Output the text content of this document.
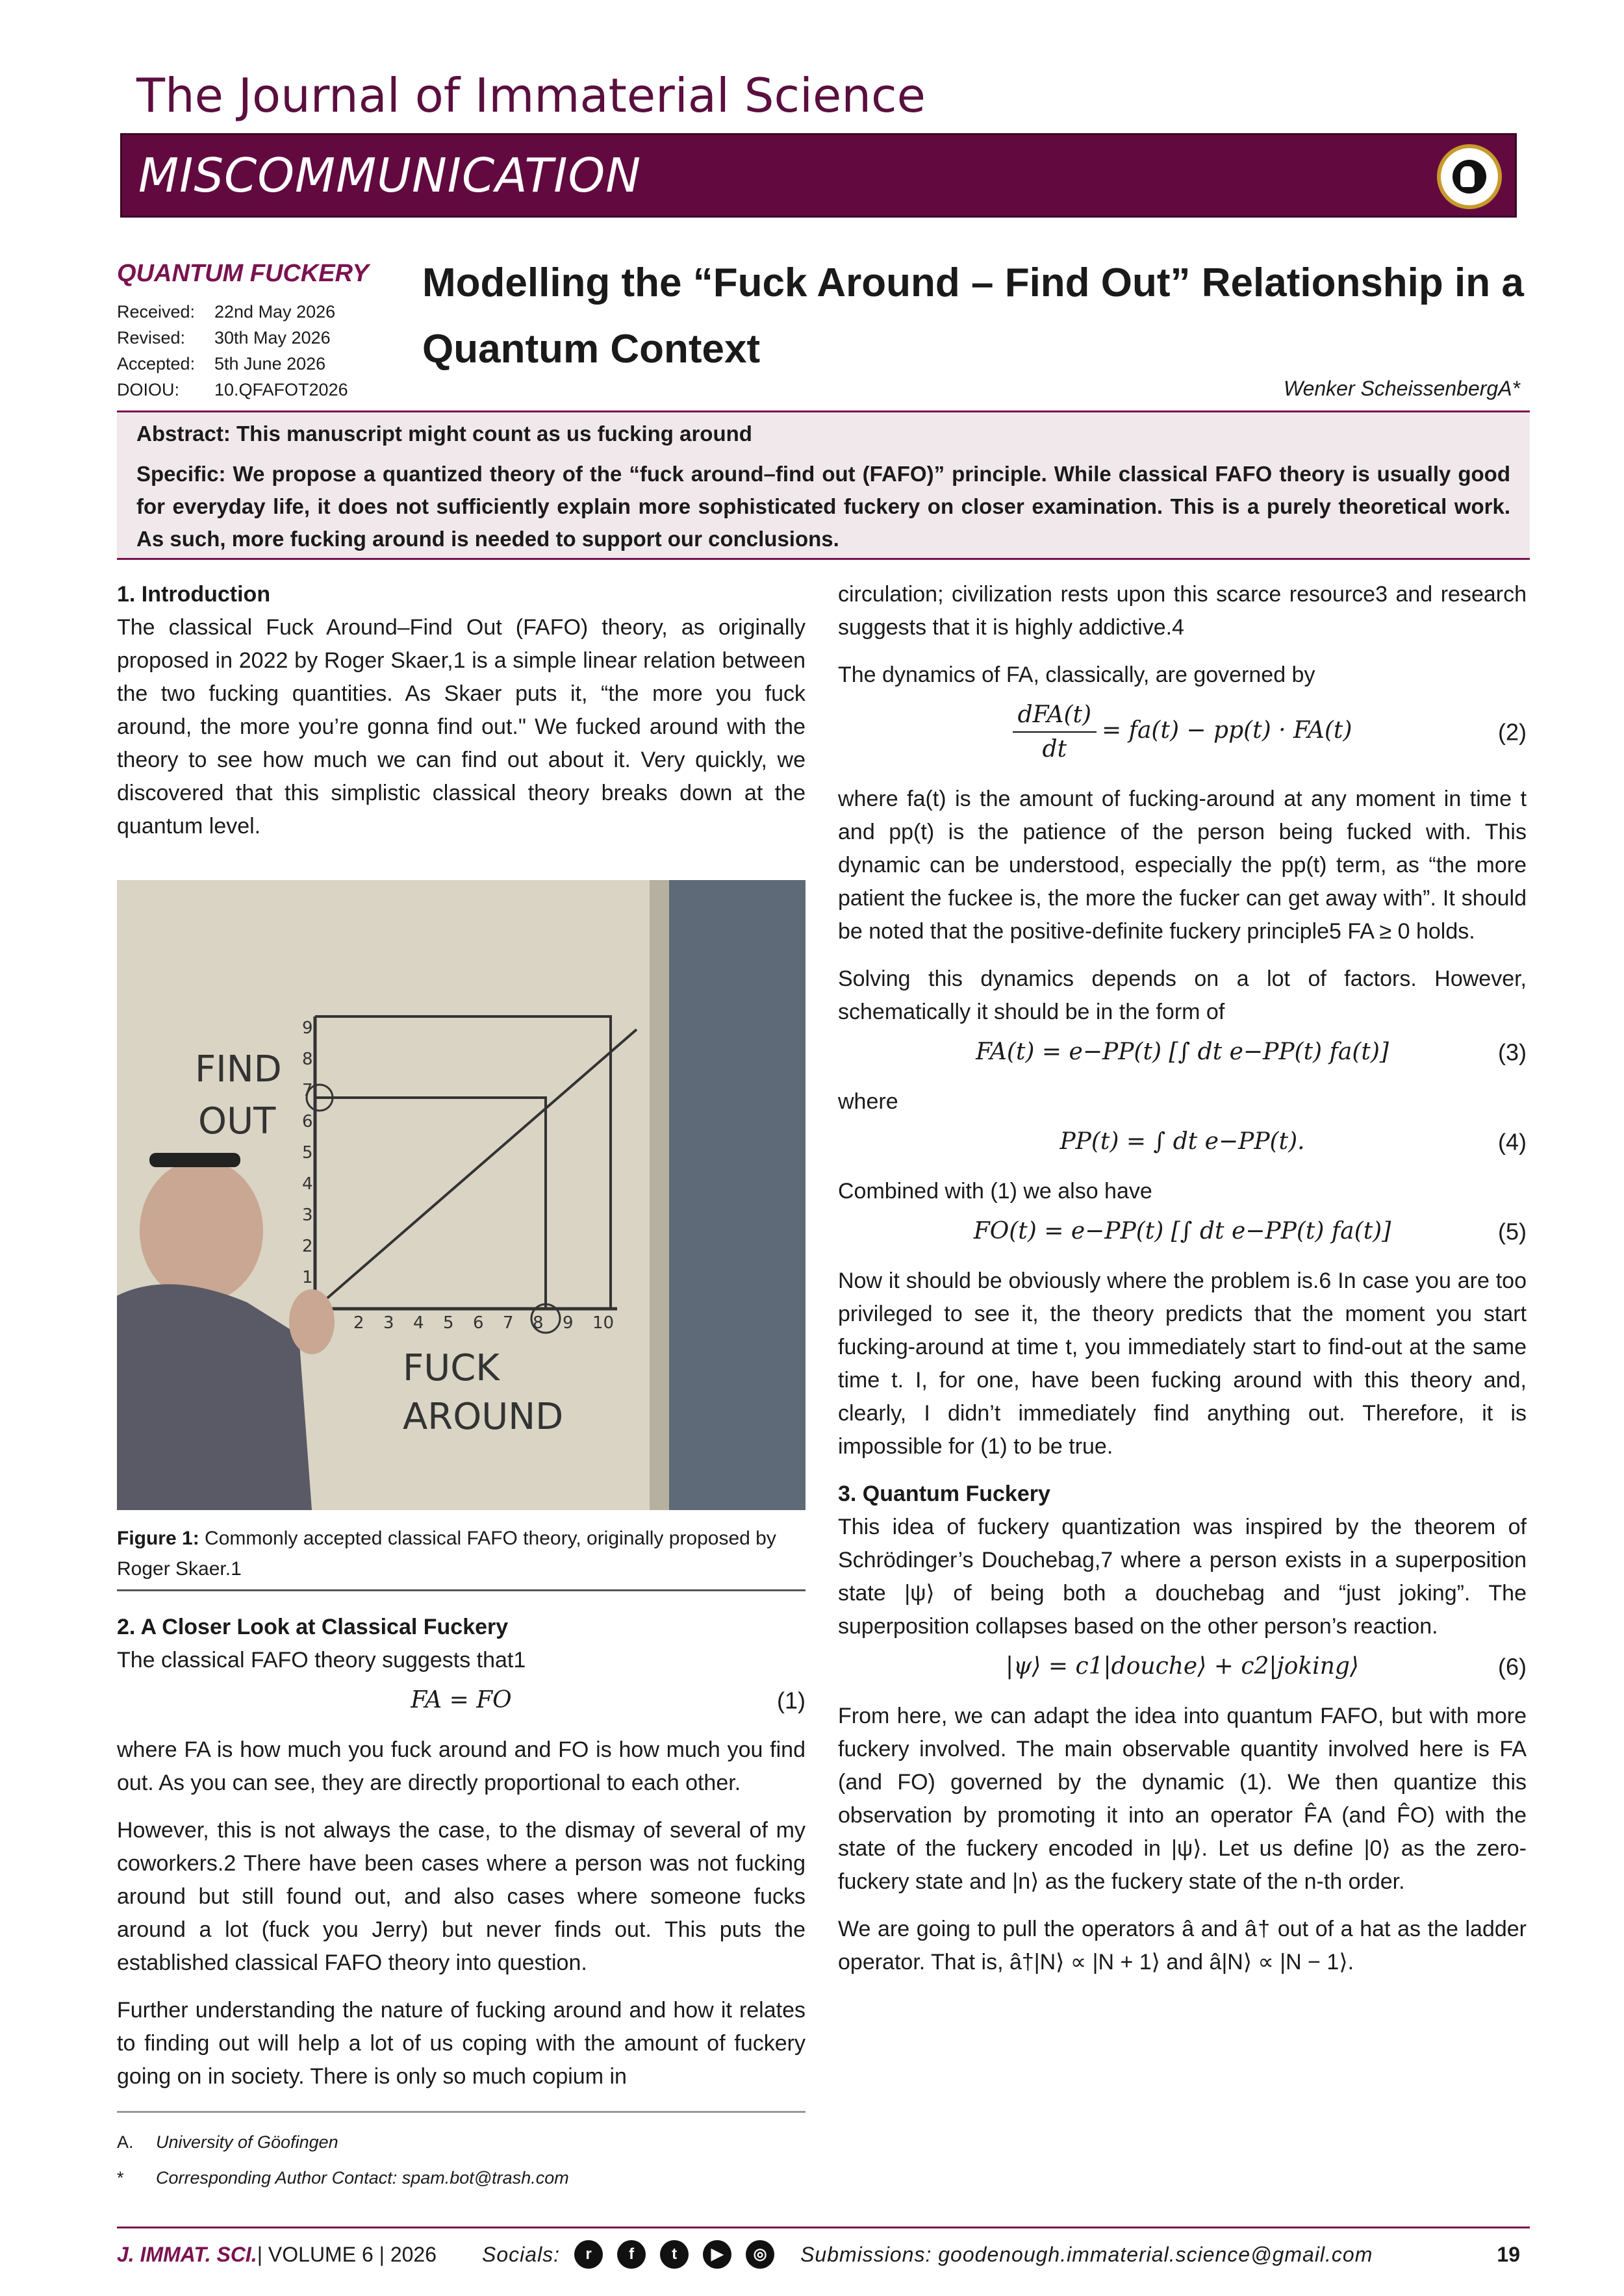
The Journal of Immaterial Science
MISCOMMUNICATION
QUANTUM FUCKERY
Received:	22nd May 2026
Revised:	30th May 2026
Accepted:	5th June 2026
DOIOU:	10.QFAFOT2026
Modelling the “Fuck Around – Find Out” Relationship in a Quantum Context
Wenker ScheissenbergA*

Abstract: This manuscript might count as us fucking around

Specific: We propose a quantized theory of the “fuck around–find out (FAFO)” principle. While classical FAFO theory is usually good for everyday life, it does not sufficiently explain more sophisticated fuckery on closer examination. This is a purely theoretical work. As such, more fucking around is needed to support our conclusions.

1. Introduction

The classical Fuck Around–Find Out (FAFO) theory, as originally proposed in 2022 by Roger Skaer,1 is a simple linear relation between the two fucking quantities. As Skaer puts it, “the more you fuck around, the more you’re gonna find out." We fucked around with the theory to see how much we can find out about it. Very quickly, we discovered that this simplistic classical theory breaks down at the quantum level.

FIND
OUT
FUCK
AROUND
1
2
3
4
5
6
7
8
9
2 3 4 5 6 7 8 9 10
Figure 1: Commonly accepted classical FAFO theory, originally proposed by Roger Skaer.1
2. A Closer Look at Classical Fuckery

The classical FAFO theory suggests that1

FA = FO	(1)

where FA is how much you fuck around and FO is how much you find out. As you can see, they are directly proportional to each other.

However, this is not always the case, to the dismay of several of my coworkers.2 There have been cases where a person was not fucking around but still found out, and also cases where someone fucks around a lot (fuck you Jerry) but never finds out. This puts the established classical FAFO theory into question.

Further understanding the nature of fucking around and how it relates to finding out will help a lot of us coping with the amount of fuckery going on in society. There is only so much copium in

circulation; civilization rests upon this scarce resource3 and research suggests that it is highly addictive.4

The dynamics of FA, classically, are governed by

$\frac{\text{dFA(t)}}{dt} = fa(t) - pp(t) \cdot FA(t)$	(2)

where fa(t) is the amount of fucking-around at any moment in time t and pp(t) is the patience of the person being fucked with. This dynamic can be understood, especially the pp(t) term, as “the more patient the fuckee is, the more the fucker can get away with”. It should be noted that the positive-definite fuckery principle5 FA ≥ 0 holds.

Solving this dynamics depends on a lot of factors. However, schematically it should be in the form of

FA(t) = e−PP(t) [∫ dt e−PP(t) fa(t)]	(3)

where

PP(t) = ∫ dt e−PP(t).	(4)

Combined with (1) we also have

FO(t) = e−PP(t) [∫ dt e−PP(t) fa(t)]	(5)

Now it should be obviously where the problem is.6 In case you are too privileged to see it, the theory predicts that the moment you start fucking-around at time t, you immediately start to find-out at the same time t. I, for one, have been fucking around with this theory and, clearly, I didn’t immediately find anything out. Therefore, it is impossible for (1) to be true.

3. Quantum Fuckery

This idea of fuckery quantization was inspired by the theorem of Schrödinger’s Douchebag,7 where a person exists in a superposition state |ψ⟩ of being both a douchebag and “just joking”. The superposition collapses based on the other person’s reaction.

|ψ⟩ = c1|douche⟩ + c2|joking⟩	(6)

From here, we can adapt the idea into quantum FAFO, but with more fuckery involved. The main observable quantity involved here is FA (and FO) governed by the dynamic (1). We then quantize this observation by promoting it into an operator F̂A (and F̂O) with the state of the fuckery encoded in |ψ⟩. Let us define |0⟩ as the zero-fuckery state and |n⟩ as the fuckery state of the n-th order.

We are going to pull the operators â and â† out of a hat as the ladder operator. That is, â†|N⟩ ∝ |N + 1⟩ and â|N⟩ ∝ |N − 1⟩.

A.	University of Göofingen
*	Corresponding Author Contact: spam.bot@trash.com
J. IMMAT. SCI. | VOLUME 6 | 2026 Socials:	r	f	t	▶	◎	Submissions: goodenough.immaterial.science@gmail.com	19
